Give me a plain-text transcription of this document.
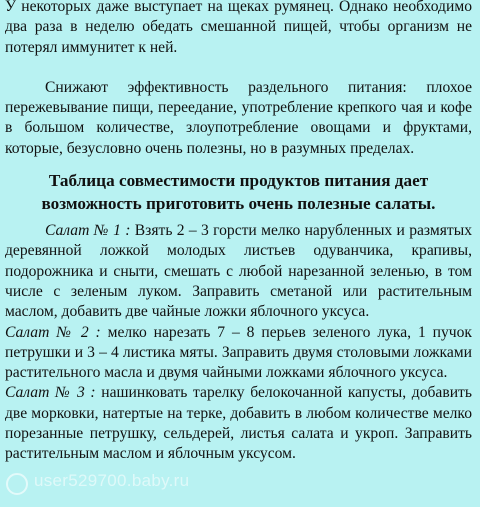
У некоторых даже выступает на щеках румянец. Однако необходимо два раза в неделю обедать смешанной пищей, чтобы организм не потерял иммунитет к ней.

Снижают эффективность раздельного питания: плохое пережевывание пищи, переедание, употребление крепкого чая и кофе в большом количестве, злоупотребление овощами и фруктами, которые, безусловно очень полезны, но в разумных пределах.

Таблица совместимости продуктов питания дает возможность приготовить очень полезные салаты.

Салат № 1 : Взять 2 – 3 горсти мелко нарубленных и размятых деревянной ложкой молодых листьев одуванчика, крапивы, подорожника и сныти, смешать с любой нарезанной зеленью, в том числе с зеленым луком. Заправить сметаной или растительным маслом, добавить две чайные ложки яблочного уксуса.

Салат № 2 : мелко нарезать 7 – 8 перьев зеленого лука, 1 пучок петрушки и 3 – 4 листика мяты. Заправить двумя столовыми ложками растительного масла и двумя чайными ложками яблочного уксуса.

Салат № 3 : нашинковать тарелку белокочанной капусты, добавить две морковки, натертые на терке, добавить в любом количестве мелко порезанные петрушку, сельдерей, листья салата и укроп. Заправить растительным маслом и яблочным уксусом.

user529700.baby.ru
